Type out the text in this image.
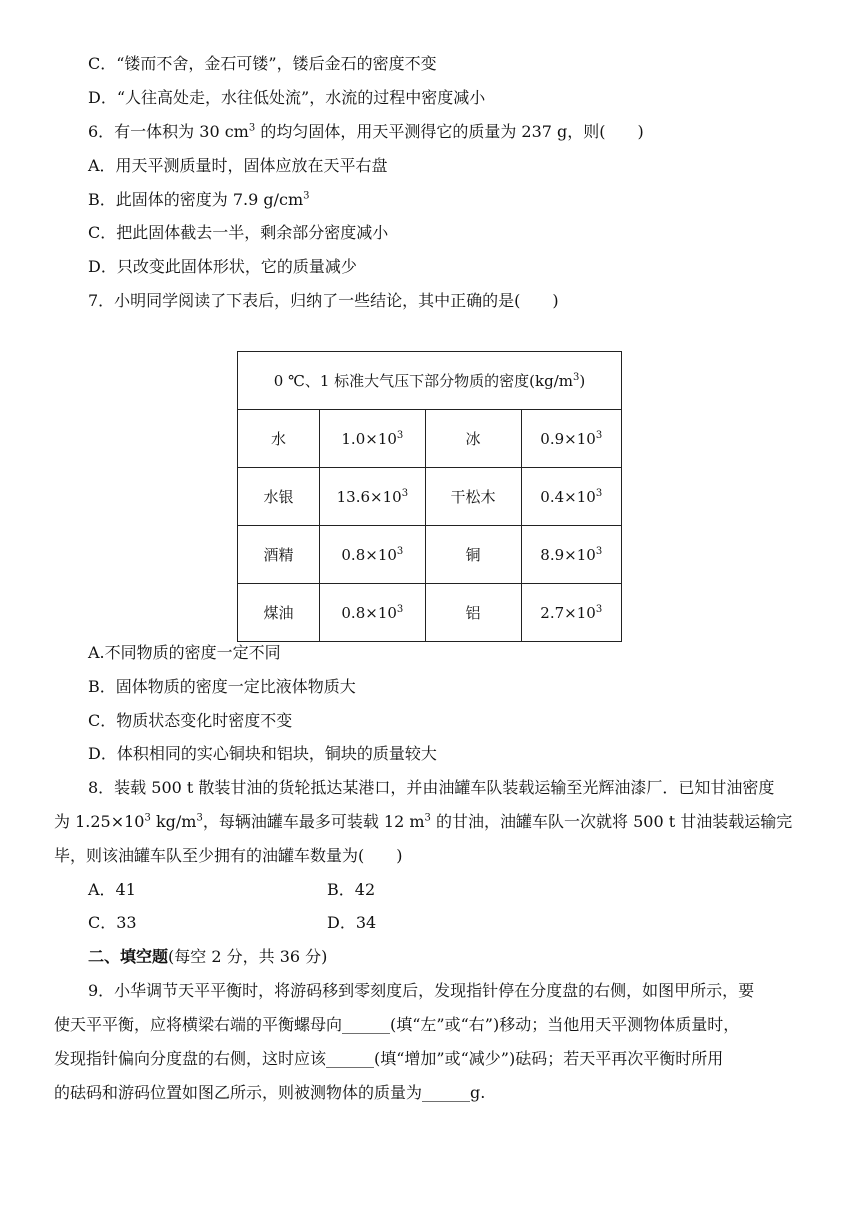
C．“镂而不舍，金石可镂”，镂后金石的密度不变
D．“人往高处走，水往低处流”，水流的过程中密度减小
6．有一体积为 30 $cm^3$ 的均匀固体，用天平测得它的质量为 237 g，则(　　)
A．用天平测质量时，固体应放在天平右盘
B．此固体的密度为 7.9 $g/cm^3$
C．把此固体截去一半，剩余部分密度减小
D．只改变此固体形状，它的质量减少
7．小明同学阅读了下表后，归纳了一些结论，其中正确的是(　　)
0 ℃、1 标准大气压下部分物质的密度$(kg/m^3)$			
水	$1.0\times 10^3$	冰	$0.9\times 10^3$
水银	$13.6\times 10^3$	干松木	$0.4\times 10^3$
酒精	$0.8\times 10^3$	铜	$8.9\times 10^3$
煤油	$0.8\times 10^3$	铝	$2.7\times 10^3$
A.不同物质的密度一定不同
B．固体物质的密度一定比液体物质大
C．物质状态变化时密度不变
D．体积相同的实心铜块和铝块，铜块的质量较大
8．装载 500 t 散装甘油的货轮抵达某港口，并由油罐车队装载运输至光辉油漆厂．已知甘油密度
为 $1.25\times 10^3$ $kg/m^3$，每辆油罐车最多可装载 12 $m^3$ 的甘油，油罐车队一次就将 500 t 甘油装载运输完
毕，则该油罐车队至少拥有的油罐车数量为(　　)
A．41	B．42
C．33	D．34
二、填空题(每空 2 分，共 36 分)
9．小华调节天平平衡时，将游码移到零刻度后，发现指针停在分度盘的右侧，如图甲所示，要
使天平平衡，应将横梁右端的平衡螺母向______(填“左”或“右”)移动；当他用天平测物体质量时，
发现指针偏向分度盘的右侧，这时应该______(填“增加”或“减少”)砝码；若天平再次平衡时所用
的砝码和游码位置如图乙所示，则被测物体的质量为______g.
